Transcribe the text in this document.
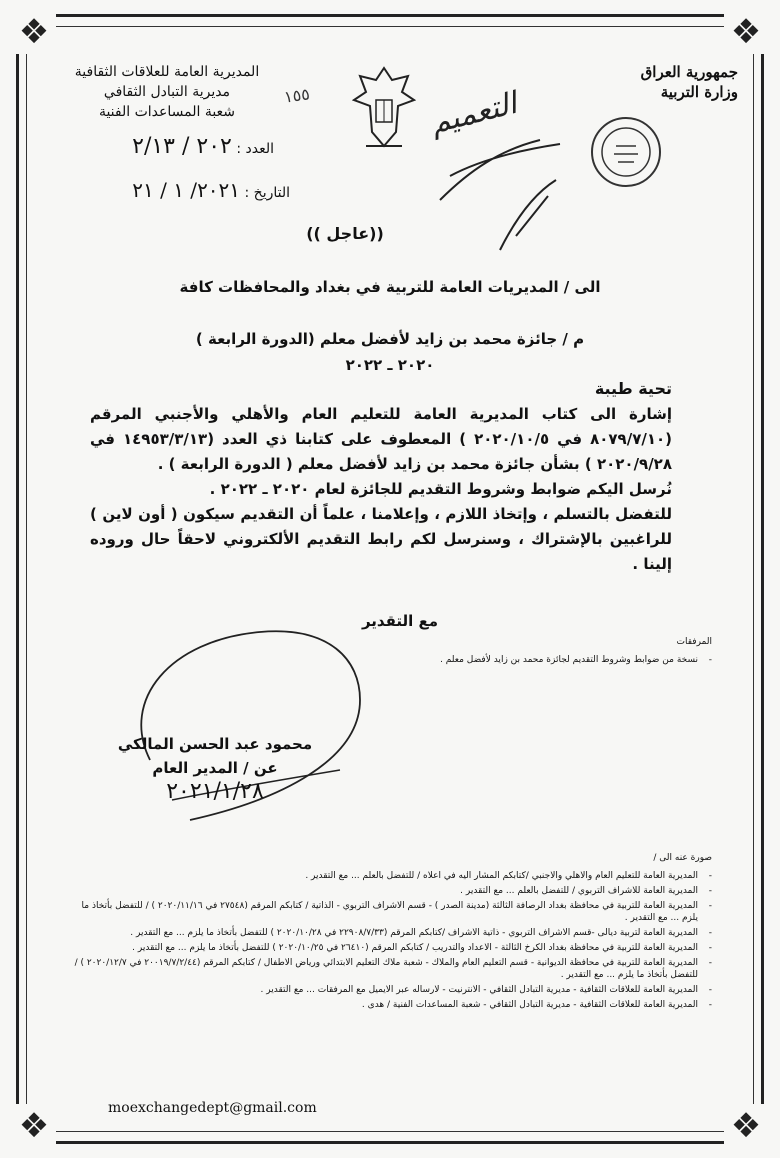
❖	❖
❖	❖
المديرية العامة للعلاقات الثقافية
مديرية التبادل الثقافي
شعبة المساعدات الفنية
العدد : ٢٠٢ / ٢/١٣
التاريخ : ٢٠٢١/ ١ / ٢١
١٥٥
جمهورية العراق
وزارة التربية
التعميم
((عاجل ))
الى / المديريات العامة للتربية في بغداد والمحافظات كافة
م / جائزة محمد بن زايد لأفضل معلم (الدورة الرابعة )
٢٠٢٠ ـ ٢٠٢٢
تحية طيبة
إشارة الى كتاب المديرية العامة للتعليم العام والأهلي والأجنبي المرقم (٨٠٧٩/٧/١٠ في ٢٠٢٠/١٠/٥ ) المعطوف على كتابنا ذي العدد (١٤٩٥٣/٣/١٣ في ٢٠٢٠/٩/٢٨ ) بشأن جائزة محمد بن زايد لأفضل معلم ( الدورة الرابعة ) .
نُرسل اليكم ضوابط وشروط التقديم للجائزة لعام ٢٠٢٠ ـ ٢٠٢٢ .
للتفضل بالتسلم ، وإتخاذ اللازم ، وإعلامنا ، علماً أن التقديم سيكون ( أون لاين ) للراغبين بالإشتراك ، وسنرسل لكم رابط التقديم الألكتروني لاحقاً حال وروده إلينا .
مع التقدير
المرفقات
- نسخة من ضوابط وشروط التقديم لجائزة محمد بن زايد لأفضل معلم .
محمود عبد الحسن المالكي
عن / المدير العام
٢٠٢١/١/٢٨
صورة عنه الى /
- المديرية العامة للتعليم العام والاهلي والاجنبي /كتابكم المشار اليه في اعلاه / للتفضل بالعلم ... مع التقدير .
- المديرية العامة للاشراف التربوي / للتفضل بالعلم ... مع التقدير .
- المديرية العامة للتربية في محافظة بغداد الرصافة الثالثة (مدينة الصدر ) - قسم الاشراف التربوي - الذاتية / كتابكم المرقم (٢٧٥٤٨ في ٢٠٢٠/١١/١٦ ) / للتفضل بأتخاذ ما يلزم ... مع التقدير .
- المديرية العامة لتربية ديالى -قسم الاشراف التربوي - ذاتية الاشراف /كتابكم المرقم (٢٢٩٠٨/٧/٣٣ في ٢٠٢٠/١٠/٢٨ ) للتفضل بأتخاذ ما يلزم ... مع التقدير .
- المديرية العامة للتربية في محافظة بغداد الكرخ الثالثة - الاعداد والتدريب / كتابكم المرقم (٢٦٤١٠ في ٢٠٢٠/١٠/٢٥ ) للتفضل بأتخاذ ما يلزم ... مع التقدير .
- المديرية العامة للتربية في محافظة الديوانية - قسم التعليم العام والملاك - شعبة ملاك التعليم الابتدائي ورياض الاطفال / كتابكم المرقم (٢٠٠١٩/٧/٢/٤٤ في ٢٠٢٠/١٢/٧ ) / للتفضل بأتخاذ ما يلزم ... مع التقدير .
- المديرية العامة للعلاقات الثقافية - مديرية التبادل الثقافي - الانترنيت - لارساله عبر الايميل مع المرفقات ... مع التقدير .
- المديرية العامة للعلاقات الثقافية - مديرية التبادل الثقافي - شعبة المساعدات الفنية / هدى .
moexchangedept@gmail.com
